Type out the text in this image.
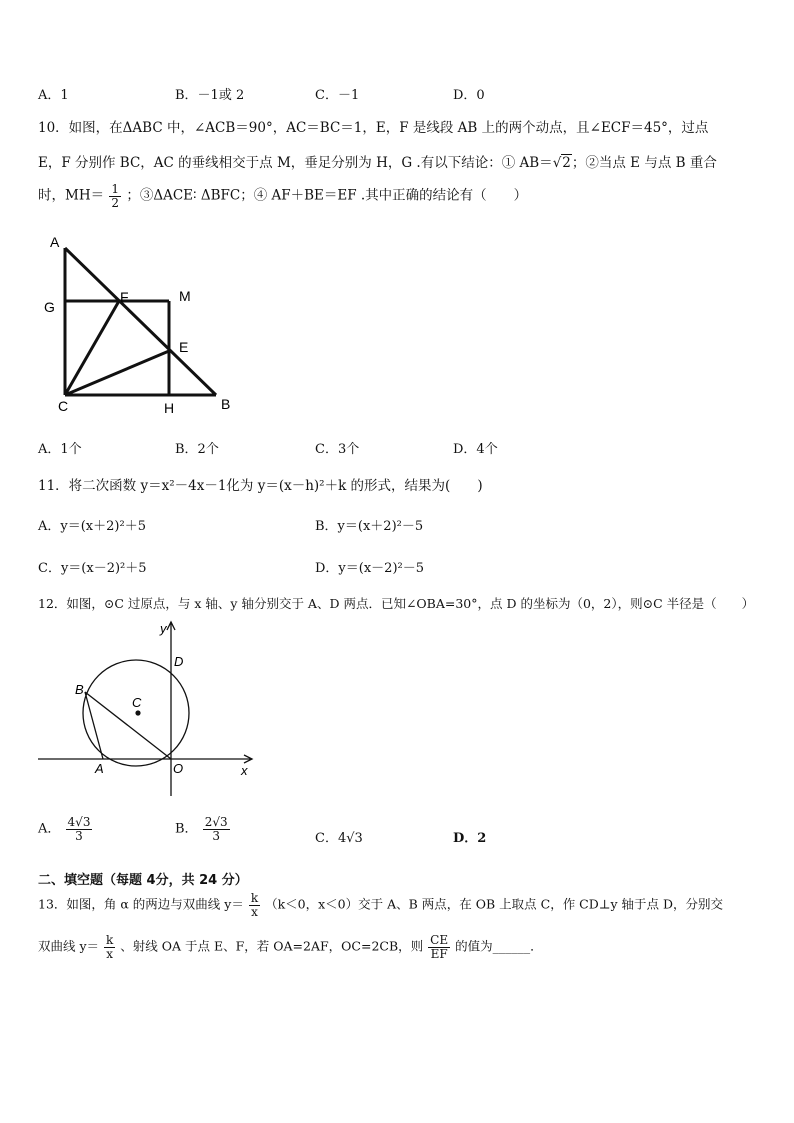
A．1	B．－1或 2	C．－1	D．0
10．如图，在ΔABC 中，∠ACB＝90°，AC＝BC＝1，E，F 是线段 AB 上的两个动点，且∠ECF＝45°，过点
E，F 分别作 BC，AC 的垂线相交于点 M，垂足分别为 H，G .有以下结论：① AB＝√2；②当点 E 与点 B 重合
时，$MH= \frac{1}{2}$ ；③ΔACE∶ ΔBFC；④ AF＋BE＝EF .其中正确的结论有（　　）
A
G
F	M
E
C	H	B
A．1个	B．2个	C．3个	D．4个
11．将二次函数 y＝x²－4x－1化为 y＝(x－h)²＋k 的形式，结果为(　　)
A．y＝(x＋2)²＋5	B．y＝(x＋2)²－5
C．y＝(x－2)²＋5	D．y＝(x－2)²－5
12．如图，⊙C 过原点，与 x 轴、y 轴分别交于 A、D 两点．已知∠OBA=30°，点 D 的坐标为（0，2），则⊙C 半径是（　　）
y
D
B
C
A	O	x
A． $\frac{4√3}{3}$	B． $\frac{2√3}{3}$	C．4√3	D．2
二、填空题（每题 4分，共 24 分）
13．如图，角 α 的两边与双曲线 $y= \frac{k}{x} (k<0$，x＜0）交于 A、B 两点，在 OB 上取点 C，作 CD⊥y 轴于点 D，分别交
双曲线 $y= \frac{k}{x}$ 、射线 OA 于点 E、F，若 OA=2AF，OC=2CB，则 $\frac{CE}{EF}$ 的值为______．
